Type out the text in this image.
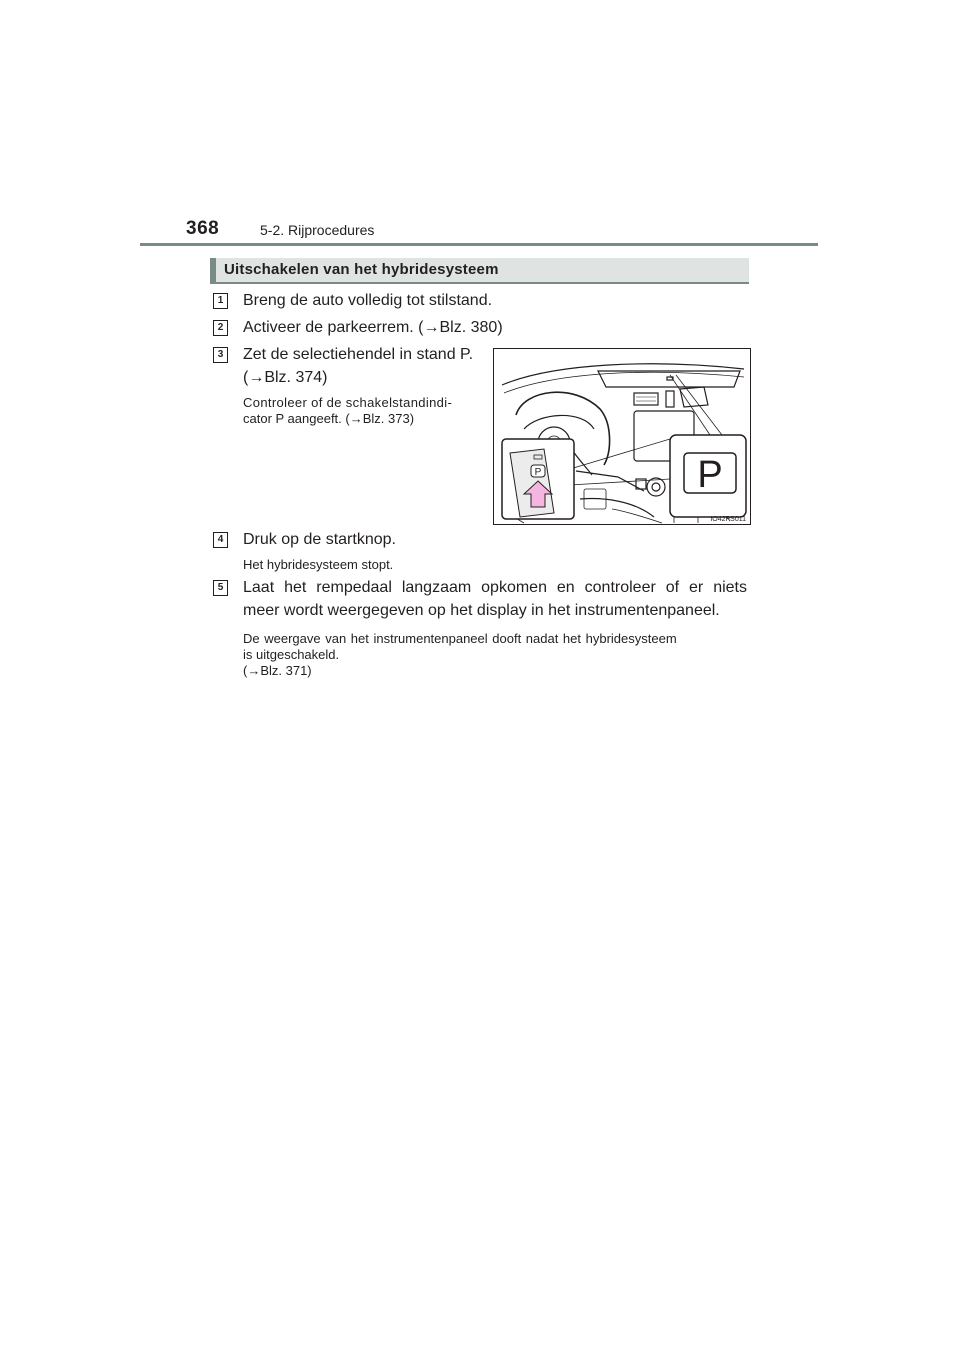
368	5-2. Rijprocedures
Uitschakelen van het hybridesysteem
1 Breng de auto volledig tot stilstand.
2 Activeer de parkeerrem. (→Blz. 380)
3 Zet de selectiehendel in stand P.
(→Blz. 374)
Controleer of de schakelstandindi-
cator P aangeeft. (→Blz. 373)
P	P
IO42PS011
4 Druk op de startknop.
Het hybridesysteem stopt.
5 Laat het rempedaal langzaam opkomen en controleer of er niets
meer wordt weergegeven op het display in het instrumentenpaneel.
De weergave van het instrumentenpaneel dooft nadat het hybridesysteem
is uitgeschakeld.
(→Blz. 371)
